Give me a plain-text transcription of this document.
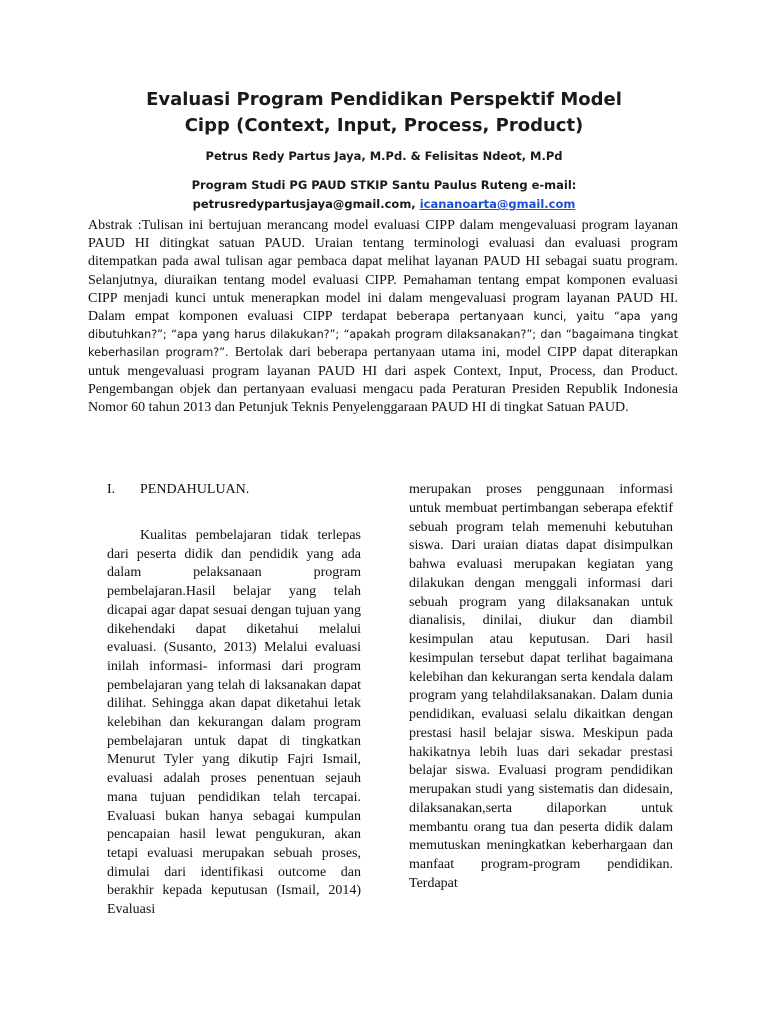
Evaluasi Program Pendidikan Perspektif Model
Cipp (Context, Input, Process, Product)
Petrus Redy Partus Jaya, M.Pd. & Felisitas Ndeot, M.Pd
Program Studi PG PAUD STKIP Santu Paulus Ruteng e-mail:
petrusredypartusjaya@gmail.com, icananoarta@gmail.com

Abstrak :Tulisan ini bertujuan merancang model evaluasi CIPP dalam mengevaluasi program layanan PAUD HI ditingkat satuan PAUD. Uraian tentang terminologi evaluasi dan evaluasi program ditempatkan pada awal tulisan agar pembaca dapat melihat layanan PAUD HI sebagai suatu program. Selanjutnya, diuraikan tentang model evaluasi CIPP. Pemahaman tentang empat komponen evaluasi CIPP menjadi kunci untuk menerapkan model ini dalam mengevaluasi program layanan PAUD HI. Dalam empat komponen evaluasi CIPP terdapat beberapa pertanyaan kunci, yaitu “apa yang dibutuhkan?”; “apa yang harus dilakukan?”; “apakah program dilaksanakan?”; dan “bagaimana tingkat keberhasilan program?”. Bertolak dari beberapa pertanyaan utama ini, model CIPP dapat diterapkan untuk mengevaluasi program layanan PAUD HI dari aspek Context, Input, Process, dan Product. Pengembangan objek dan pertanyaan evaluasi mengacu pada Peraturan Presiden Republik Indonesia Nomor 60 tahun 2013 dan Petunjuk Teknis Penyelenggaraan PAUD HI di tingkat Satuan PAUD.

I. PENDAHULUAN.

Kualitas pembelajaran tidak terlepas dari peserta didik dan pendidik yang ada dalam pelaksanaan program pembelajaran.Hasil belajar yang telah dicapai agar dapat sesuai dengan tujuan yang dikehendaki dapat diketahui melalui evaluasi. (Susanto, 2013) Melalui evaluasi inilah informasi- informasi dari program pembelajaran yang telah di laksanakan dapat dilihat. Sehingga akan dapat diketahui letak kelebihan dan kekurangan dalam program pembelajaran untuk dapat di tingkatkan Menurut Tyler yang dikutip Fajri Ismail, evaluasi adalah proses penentuan sejauh mana tujuan pendidikan telah tercapai. Evaluasi bukan hanya sebagai kumpulan pencapaian hasil lewat pengukuran, akan tetapi evaluasi merupakan sebuah proses, dimulai dari identifikasi outcome dan berakhir kepada keputusan (Ismail, 2014) Evaluasi

merupakan proses penggunaan informasi untuk membuat pertimbangan seberapa efektif sebuah program telah memenuhi kebutuhan siswa. Dari uraian diatas dapat disimpulkan bahwa evaluasi merupakan kegiatan yang dilakukan dengan menggali informasi dari sebuah program yang dilaksanakan untuk dianalisis, dinilai, diukur dan diambil kesimpulan atau keputusan. Dari hasil kesimpulan tersebut dapat terlihat bagaimana kelebihan dan kekurangan serta kendala dalam program yang telahdilaksanakan. Dalam dunia pendidikan, evaluasi selalu dikaitkan dengan prestasi hasil belajar siswa. Meskipun pada hakikatnya lebih luas dari sekadar prestasi belajar siswa. Evaluasi program pendidikan merupakan studi yang sistematis dan didesain, dilaksanakan,serta dilaporkan untuk membantu orang tua dan peserta didik dalam memutuskan meningkatkan keberhargaan dan manfaat program-program pendidikan. Terdapat
